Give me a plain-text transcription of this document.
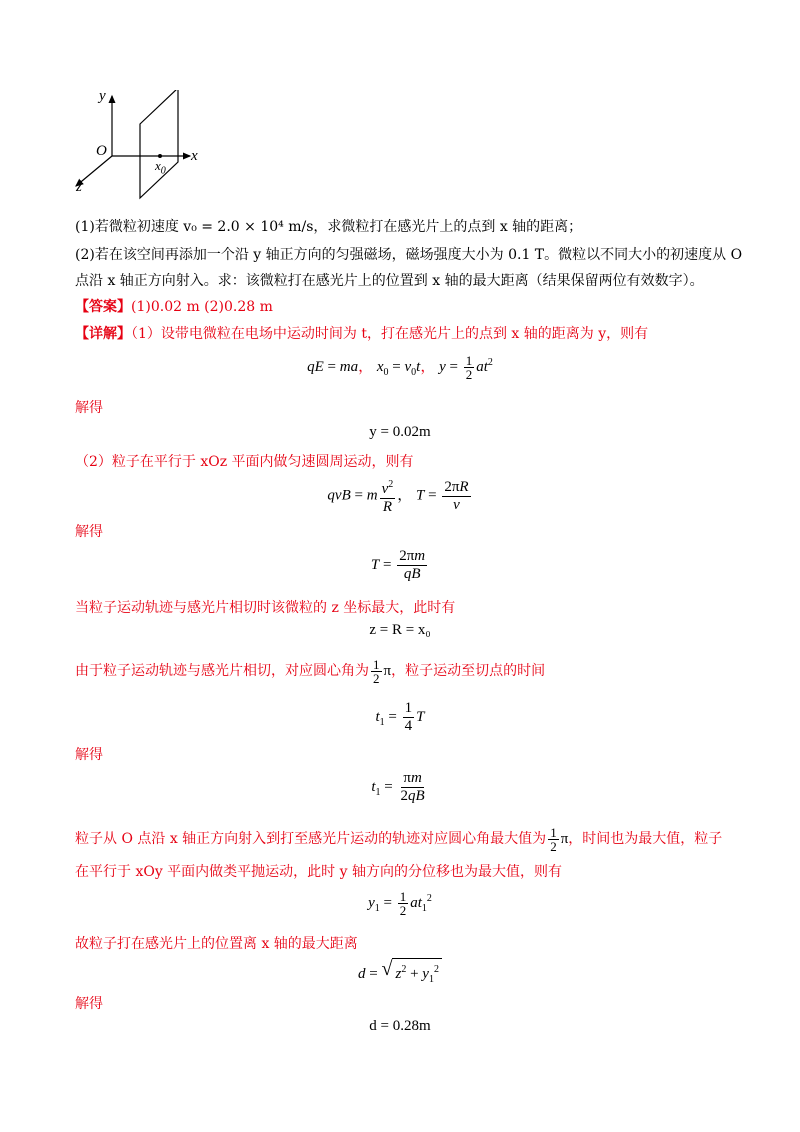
y
O	x
z
$x_0$
(1)若微粒初速度 v₀ = 2.0 × 10⁴ m/s，求微粒打在感光片上的点到 x 轴的距离；
(2)若在该空间再添加一个沿 y 轴正方向的匀强磁场，磁场强度大小为 0.1 T。微粒以不同大小的初速度从 O
点沿 x 轴正方向射入。求：该微粒打在感光片上的位置到 x 轴的最大距离（结果保留两位有效数字）。
【答案】(1)0.02 m (2)0.28 m
【详解】（1）设带电微粒在电场中运动时间为 t，打在感光片上的点到 x 轴的距离为 y，则有
qE = ma， $x_0 = v_0t$， $y = \frac{1}{2} at^2$
解得
y = 0.02m
（2）粒子在平行于 xOz 平面内做匀速圆周运动，则有
qvB = m $\frac{v^2}{R}$ ， $T = \frac{2\pi R}{v}$
解得
$T = \frac{2\pi m}{qB}$
当粒子运动轨迹与感光片相切时该微粒的 z 坐标最大，此时有
z = R = x₀
由于粒子运动轨迹与感光片相切，对应圆心角为 $\frac{1}{2}$ π，粒子运动至切点的时间
$t_1 = \frac{1}{4}$ T
解得
$t_1 = \frac{\pi m}{2qB}$
粒子从 O 点沿 x 轴正方向射入到打至感光片运动的轨迹对应圆心角最大值为 $\frac{1}{2}$ π，时间也为最大值，粒子
在平行于 xOy 平面内做类平抛运动，此时 y 轴方向的分位移也为最大值，则有
$y_1 = \frac{1}{2} at_1^2$
故粒子打在感光片上的位置离 x 轴的最大距离
d = √ $z^2 + y_1^2$
解得
d = 0.28m
